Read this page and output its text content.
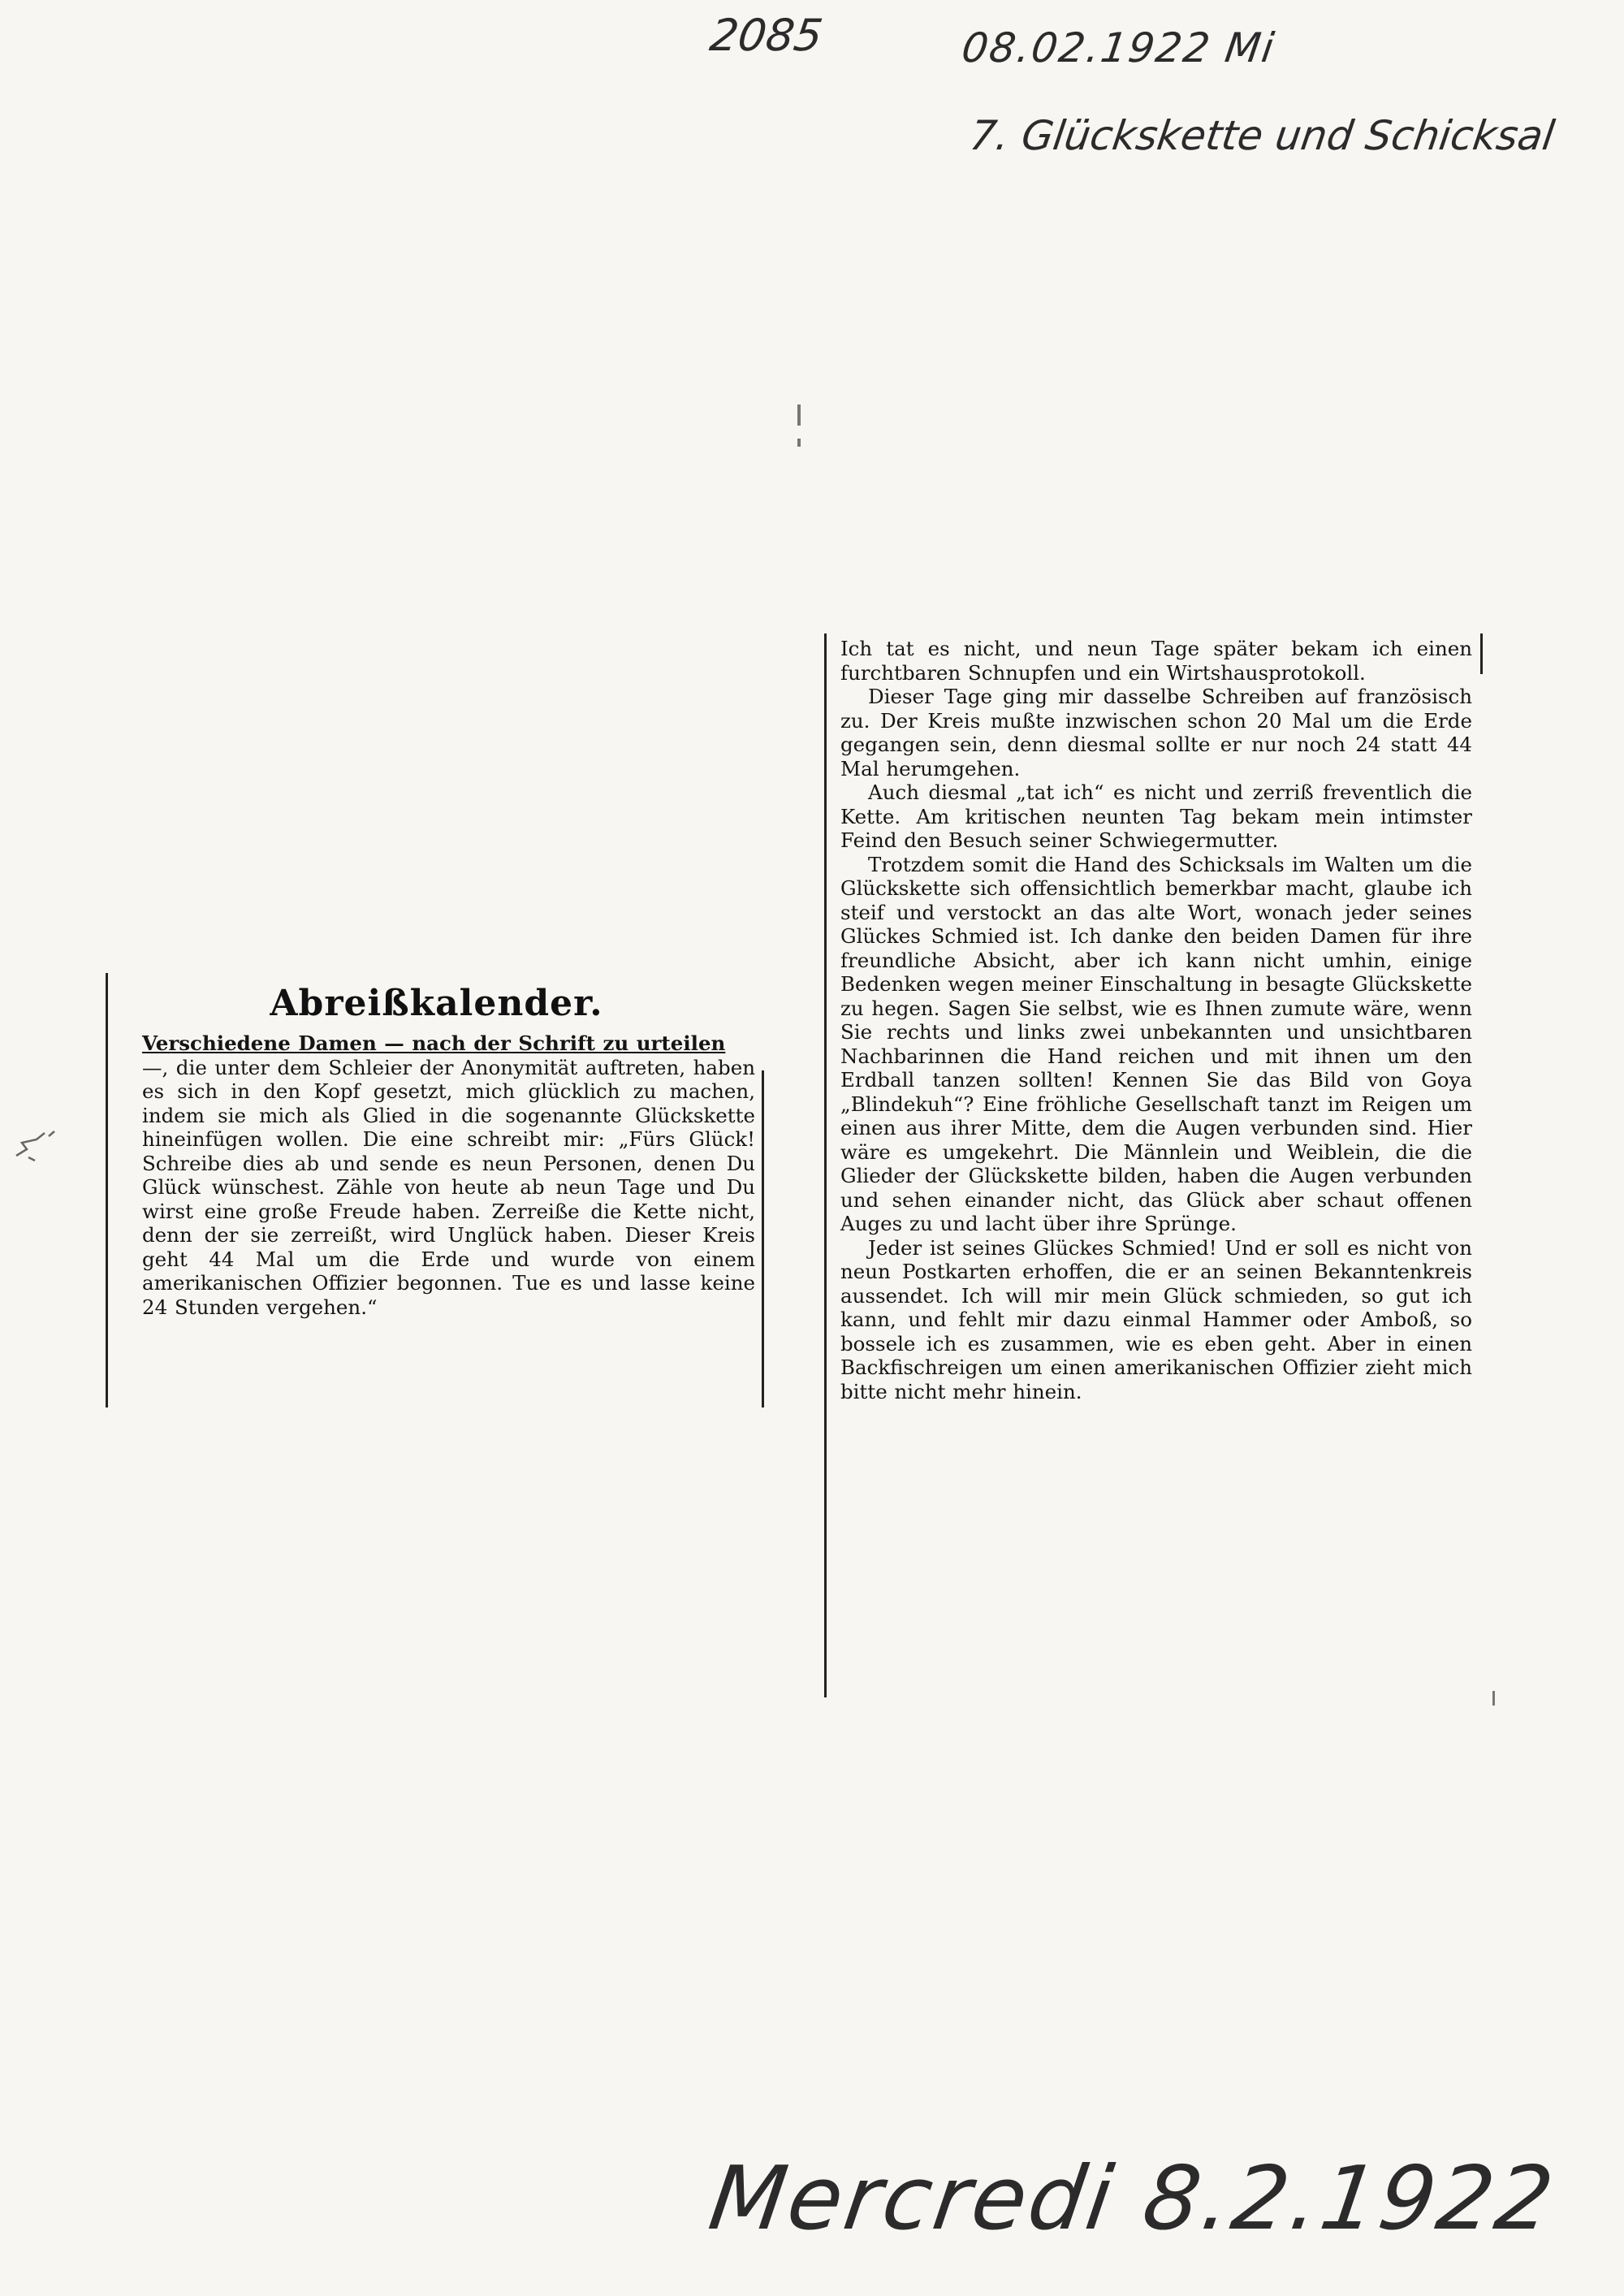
2085	08.02.1922 Mi
7. Glückskette und Schicksal
Mercredi 8.2.1922
Abreißkalender.

Verschiedene Damen — nach der Schrift zu urteilen

—, die unter dem Schleier der Anonymität auftreten, haben es sich in den Kopf gesetzt, mich glücklich zu machen, indem sie mich als Glied in die sogenannte Glückskette hineinfügen wollen. Die eine schreibt mir: „Fürs Glück! Schreibe dies ab und sende es neun Personen, denen Du Glück wünschest. Zähle von heute ab neun Tage und Du wirst eine große Freude haben. Zerreiße die Kette nicht, denn der sie zerreißt, wird Unglück haben. Dieser Kreis geht 44 Mal um die Erde und wurde von einem amerikanischen Offizier begonnen. Tue es und lasse keine 24 Stunden vergehen.“

Ich tat es nicht, und neun Tage später bekam ich einen furchtbaren Schnupfen und ein Wirtshausprotokoll.

Dieser Tage ging mir dasselbe Schreiben auf französisch zu. Der Kreis mußte inzwischen schon 20 Mal um die Erde gegangen sein, denn diesmal sollte er nur noch 24 statt 44 Mal herumgehen.

Auch diesmal „tat ich“ es nicht und zerriß freventlich die Kette. Am kritischen neunten Tag bekam mein intimster Feind den Besuch seiner Schwiegermutter.

Trotzdem somit die Hand des Schicksals im Walten um die Glückskette sich offensichtlich bemerkbar macht, glaube ich steif und verstockt an das alte Wort, wonach jeder seines Glückes Schmied ist. Ich danke den beiden Damen für ihre freundliche Absicht, aber ich kann nicht umhin, einige Bedenken wegen meiner Einschaltung in besagte Glückskette zu hegen. Sagen Sie selbst, wie es Ihnen zumute wäre, wenn Sie rechts und links zwei unbekannten und unsichtbaren Nachbarinnen die Hand reichen und mit ihnen um den Erdball tanzen sollten! Kennen Sie das Bild von Goya „Blindekuh“? Eine fröhliche Gesellschaft tanzt im Reigen um einen aus ihrer Mitte, dem die Augen verbunden sind. Hier wäre es umgekehrt. Die Männlein und Weiblein, die die Glieder der Glückskette bilden, haben die Augen verbunden und sehen einander nicht, das Glück aber schaut offenen Auges zu und lacht über ihre Sprünge.

Jeder ist seines Glückes Schmied! Und er soll es nicht von neun Postkarten erhoffen, die er an seinen Bekanntenkreis aussendet. Ich will mir mein Glück schmieden, so gut ich kann, und fehlt mir dazu einmal Hammer oder Amboß, so bossele ich es zusammen, wie es eben geht. Aber in einen Backfischreigen um einen amerikanischen Offizier zieht mich bitte nicht mehr hinein.
